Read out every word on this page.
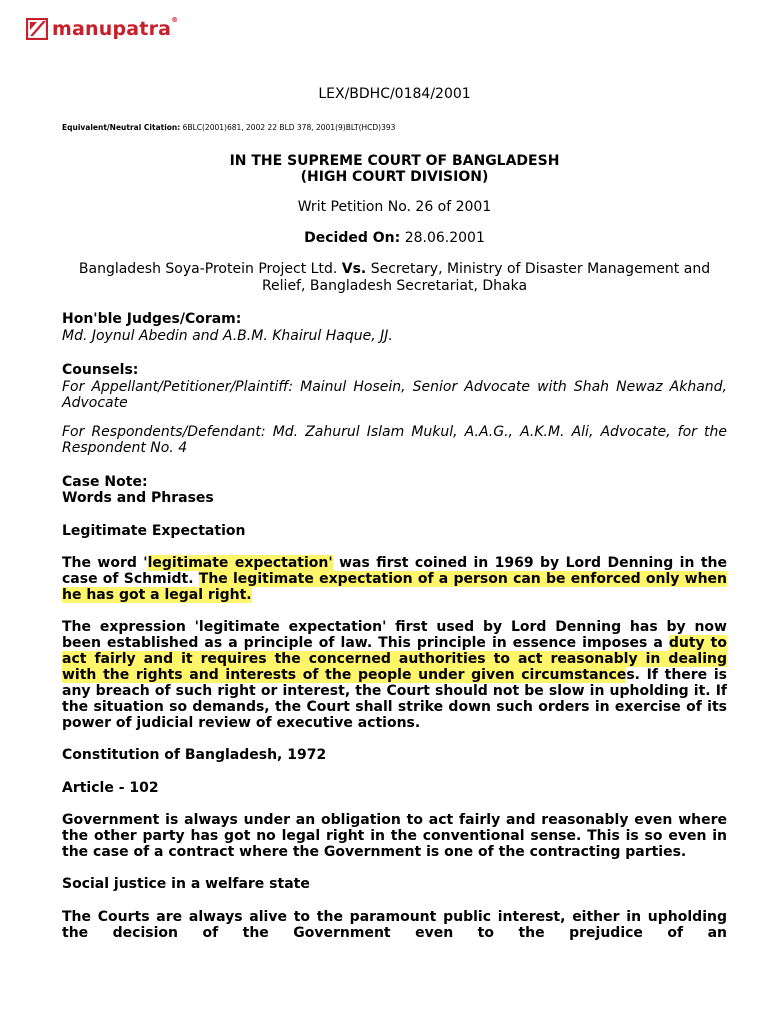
manupatra®

LEX/BDHC/0184/2001

Equivalent/Neutral Citation: 6BLC(2001)681, 2002 22 BLD 378, 2001(9)BLT(HCD)393

IN THE SUPREME COURT OF BANGLADESH
(HIGH COURT DIVISION)

Writ Petition No. 26 of 2001

Decided On: 28.06.2001

Bangladesh Soya-Protein Project Ltd. Vs. Secretary, Ministry of Disaster Management and Relief, Bangladesh Secretariat, Dhaka

Hon'ble Judges/Coram:

Md. Joynul Abedin and A.B.M. Khairul Haque, JJ.

Counsels:

For Appellant/Petitioner/Plaintiff: Mainul Hosein, Senior Advocate with Shah Newaz Akhand, Advocate

For Respondents/Defendant: Md. Zahurul Islam Mukul, A.A.G., A.K.M. Ali, Advocate, for the Respondent No. 4

Case Note:

Words and Phrases

Legitimate Expectation

The word 'legitimate expectation' was first coined in 1969 by Lord Denning in the case of Schmidt. The legitimate expectation of a person can be enforced only when he has got a legal right.

The expression 'legitimate expectation' first used by Lord Denning has by now been established as a principle of law. This principle in essence imposes a duty to act fairly and it requires the concerned authorities to act reasonably in dealing with the rights and interests of the people under given circumstances. If there is any breach of such right or interest, the Court should not be slow in upholding it. If the situation so demands, the Court shall strike down such orders in exercise of its power of judicial review of executive actions.

Constitution of Bangladesh, 1972

Article - 102

Government is always under an obligation to act fairly and reasonably even where the other party has got no legal right in the conventional sense. This is so even in the case of a contract where the Government is one of the contracting parties.

Social justice in a welfare state

The Courts are always alive to the paramount public interest, either in upholding the decision of the Government even to the prejudice of an
